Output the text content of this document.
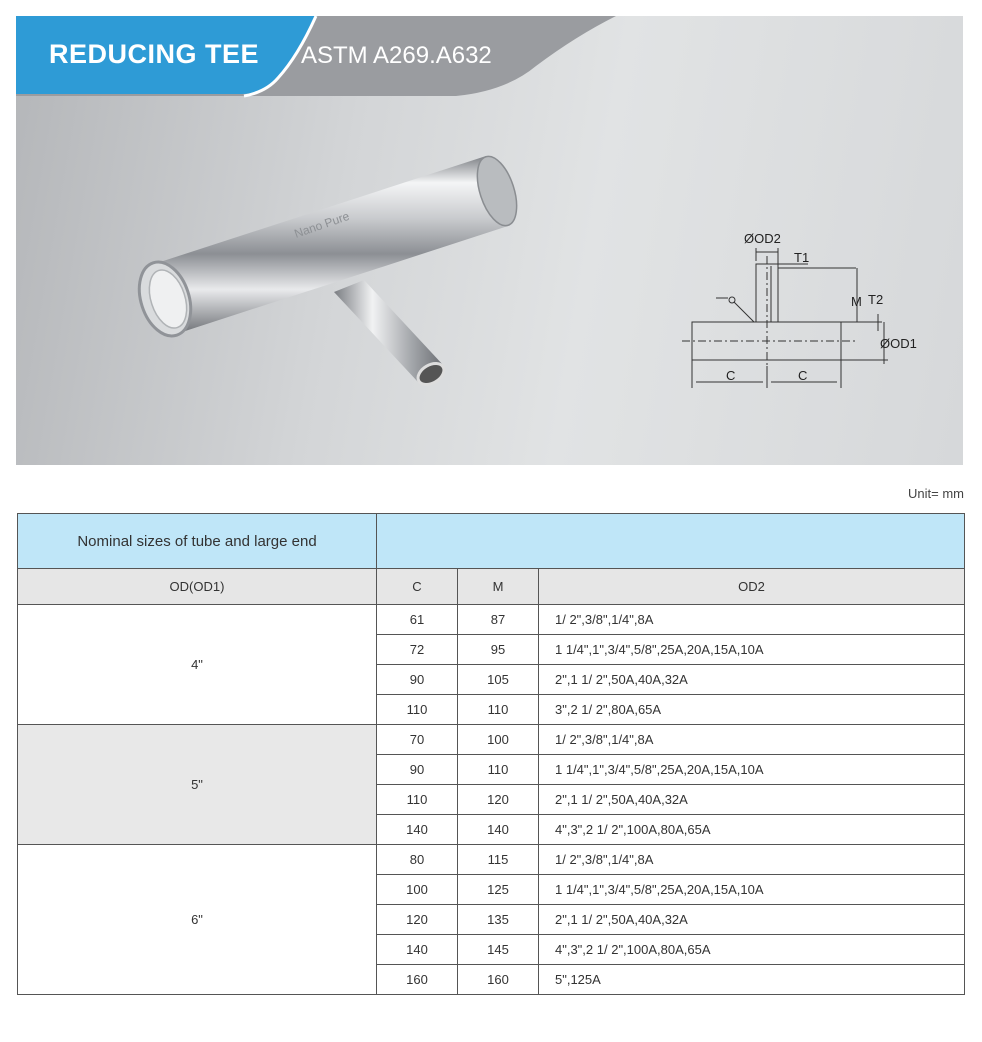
Nano Pure	ØOD2
T1
M T2
ØOD1
C	C
REDUCING TEE ASTM A269.A632
Unit= mm
Nominal sizes of tube and large end			
OD(OD1)	C	M	OD2
4"	61	87	1/ 2",3/8",1/4",8A
	72	95	1 1/4",1",3/4",5/8",25A,20A,15A,10A
	90	105	2",1 1/ 2",50A,40A,32A
	110	110	3",2 1/ 2",80A,65A
5"	70	100	1/ 2",3/8",1/4",8A
	90	110	1 1/4",1",3/4",5/8",25A,20A,15A,10A
	110	120	2",1 1/ 2",50A,40A,32A
	140	140	4",3",2 1/ 2",100A,80A,65A
6"	80	115	1/ 2",3/8",1/4",8A
	100	125	1 1/4",1",3/4",5/8",25A,20A,15A,10A
	120	135	2",1 1/ 2",50A,40A,32A
	140	145	4",3",2 1/ 2",100A,80A,65A
	160	160	5",125A
